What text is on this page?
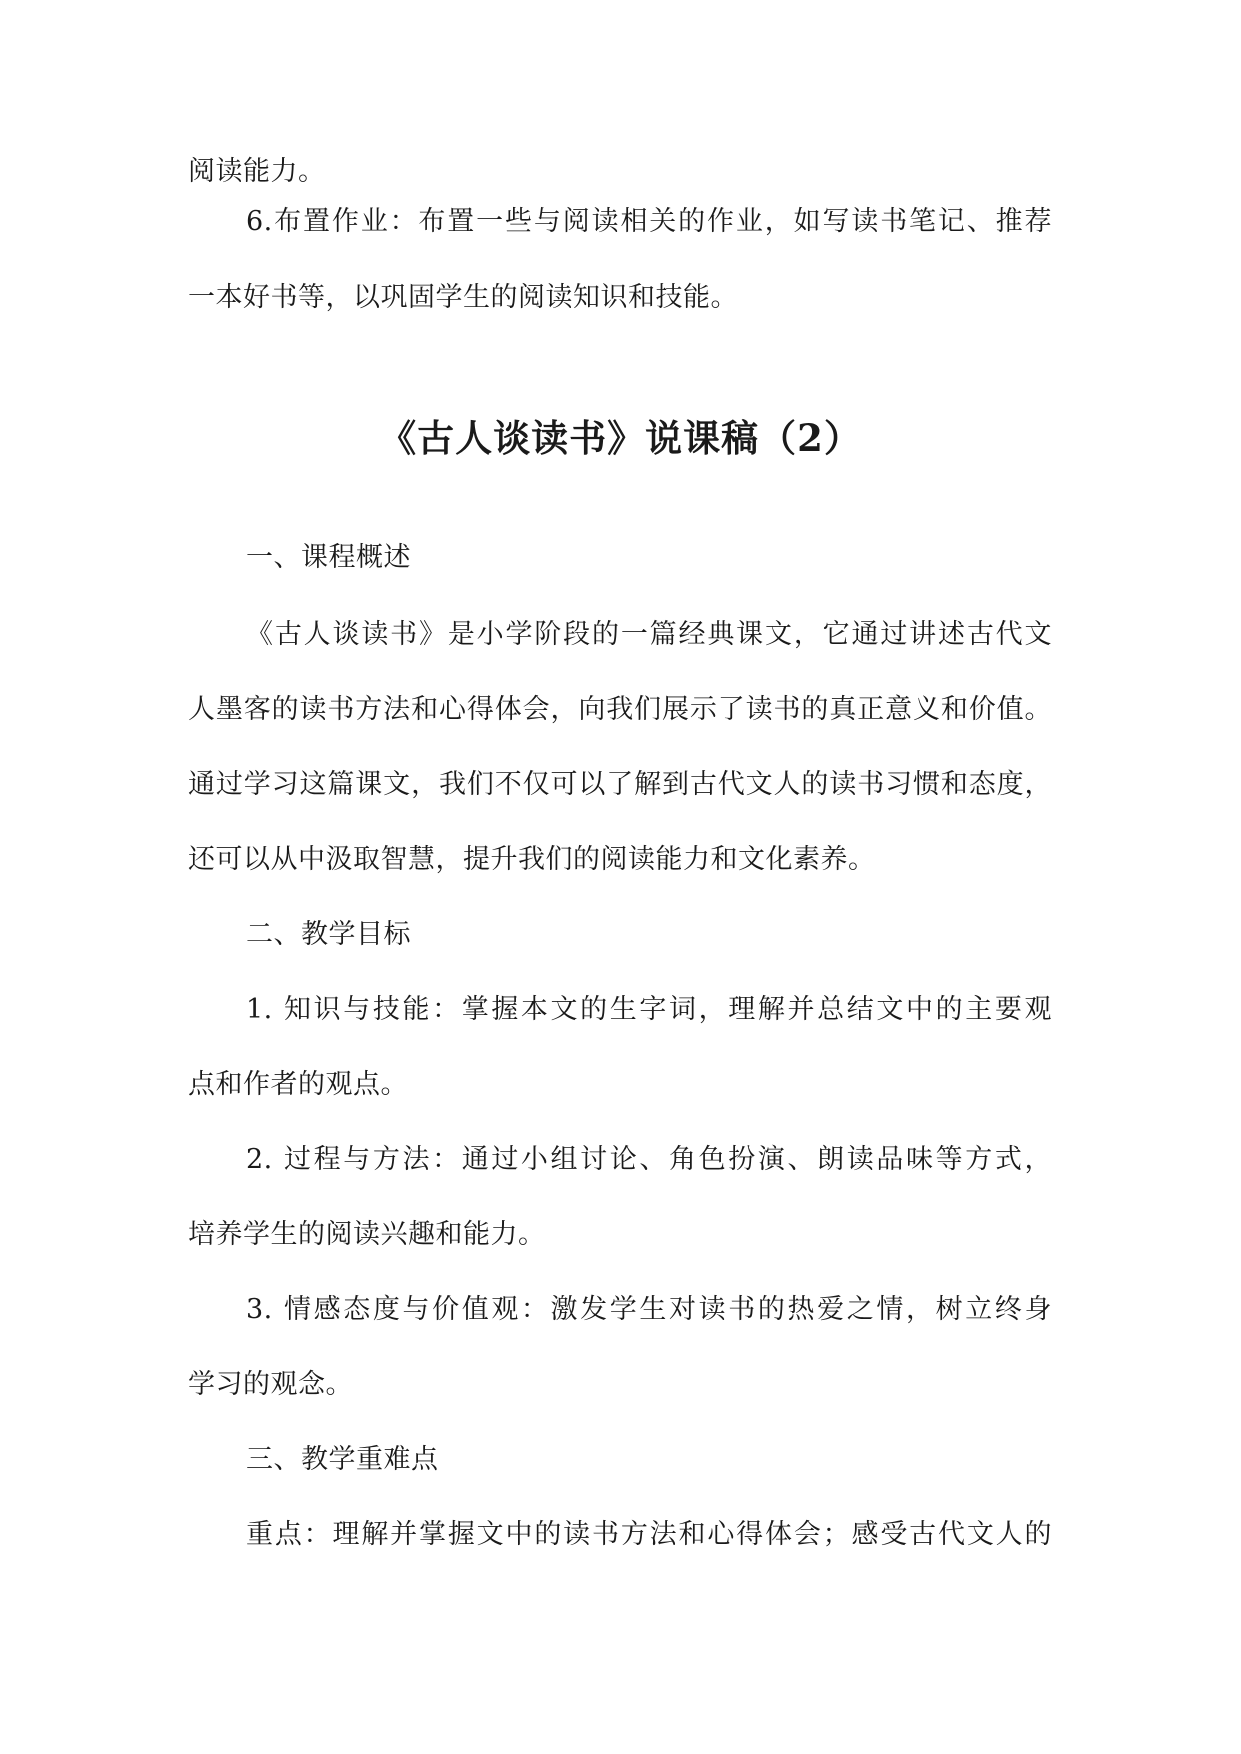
阅读能力。

6.布置作业：布置一些与阅读相关的作业，如写读书笔记、推荐

一本好书等，以巩固学生的阅读知识和技能。

《古人谈读书》说课稿（2）

一、课程概述

《古人谈读书》是小学阶段的一篇经典课文，它通过讲述古代文

人墨客的读书方法和心得体会，向我们展示了读书的真正意义和价值。

通过学习这篇课文，我们不仅可以了解到古代文人的读书习惯和态度，

还可以从中汲取智慧，提升我们的阅读能力和文化素养。

二、教学目标

1. 知识与技能：掌握本文的生字词，理解并总结文中的主要观

点和作者的观点。

2. 过程与方法：通过小组讨论、角色扮演、朗读品味等方式，

培养学生的阅读兴趣和能力。

3. 情感态度与价值观：激发学生对读书的热爱之情，树立终身

学习的观念。

三、教学重难点

重点：理解并掌握文中的读书方法和心得体会；感受古代文人的
